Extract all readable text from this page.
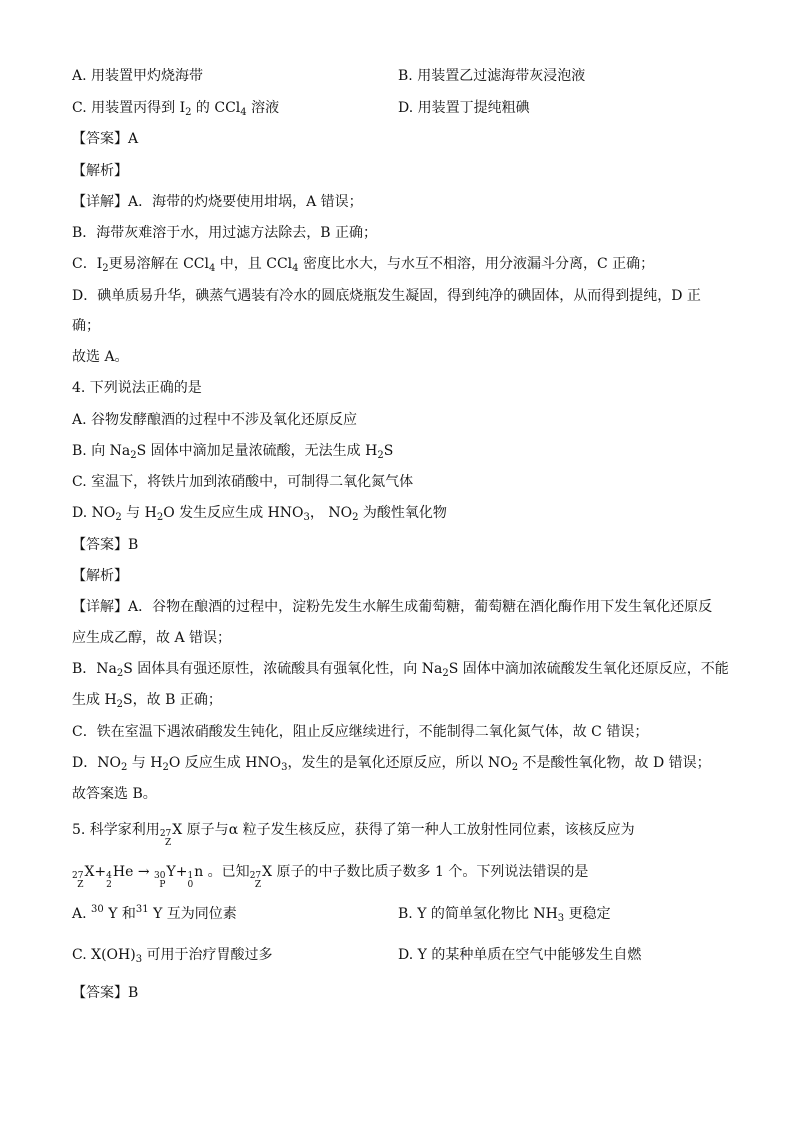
A. 用装置甲灼烧海带	B. 用装置乙过滤海带灰浸泡液
C. 用装置丙得到 $I_2$ 的 CCl$_4$ 溶液	D. 用装置丁提纯粗碘
【答案】A
【解析】
【详解】A．海带的灼烧要使用坩埚，A 错误；
B．海带灰难溶于水，用过滤方法除去，B 正确；
C．$I_2$更易溶解在 CCl$_4$ 中，且 CCl$_4$ 密度比水大，与水互不相溶，用分液漏斗分离，C 正确；
D．碘单质易升华，碘蒸气遇装有冷水的圆底烧瓶发生凝固，得到纯净的碘固体，从而得到提纯，D 正
确；
故选 A。
4. 下列说法正确的是
A. 谷物发酵酿酒的过程中不涉及氧化还原反应
B. 向 $Na_2S$ 固体中滴加足量浓硫酸，无法生成 $H_2S$
C. 室温下，将铁片加到浓硝酸中，可制得二氧化氮气体
D. $NO_2$ 与 $H_2O$ 发生反应生成 $HNO_3$， $NO_2$ 为酸性氧化物
【答案】B
【解析】
【详解】A．谷物在酿酒的过程中，淀粉先发生水解生成葡萄糖，葡萄糖在酒化酶作用下发生氧化还原反
应生成乙醇，故 A 错误；
B．$Na_2S$ 固体具有强还原性，浓硫酸具有强氧化性，向 $Na_2S$ 固体中滴加浓硫酸发生氧化还原反应，不能
生成 $H_2S$，故 B 正确；
C．铁在室温下遇浓硝酸发生钝化，阻止反应继续进行，不能制得二氧化氮气体，故 C 错误；
D．$NO_2$ 与 $H_2O$ 反应生成 $HNO_3$，发生的是氧化还原反应，所以 $NO_2$ 不是酸性氧化物，故 D 错误；
故答案选 B。
5. 科学家利用 27
Z
X 原子与α 粒子发生核反应，获得了第一种人工放射性同位素，该核反应为
27
Z
X+ 4
2
He → 30
P
Y+ 1
0
n 。已知 27
Z
X 原子的中子数比质子数多 1 个。下列说法错误的是
A. $^{30}$ Y 和$^{31}$ Y 互为同位素	B. Y 的简单氢化物比 $NH_3$ 更稳定
C. $X(OH)_3$ 可用于治疗胃酸过多	D. Y 的某种单质在空气中能够发生自燃
【答案】B
